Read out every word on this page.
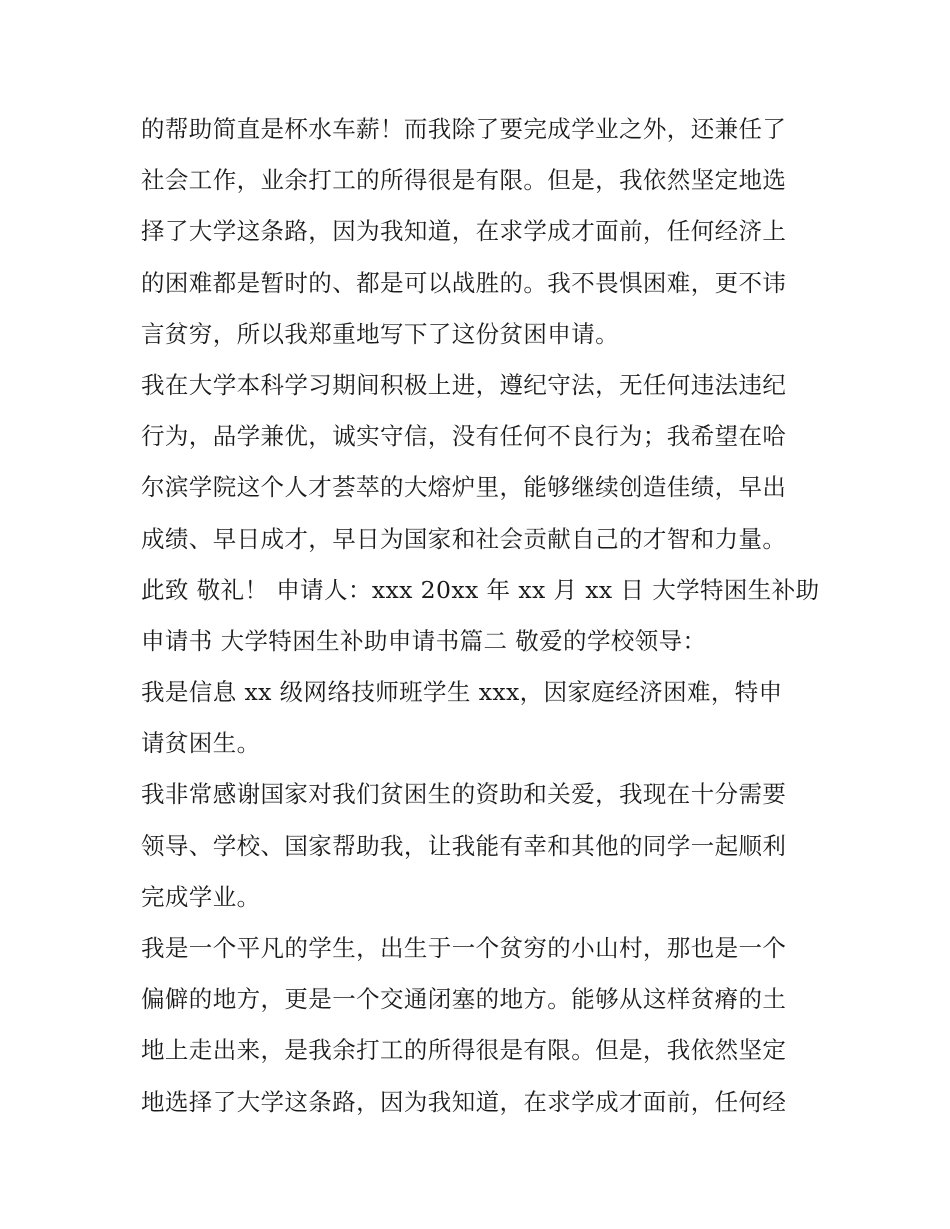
的帮助简直是杯水车薪！而我除了要完成学业之外，还兼任了
社会工作，业余打工的所得很是有限。但是，我依然坚定地选
择了大学这条路，因为我知道，在求学成才面前，任何经济上
的困难都是暂时的、都是可以战胜的。我不畏惧困难，更不讳
言贫穷，所以我郑重地写下了这份贫困申请。
我在大学本科学习期间积极上进，遵纪守法，无任何违法违纪
行为，品学兼优，诚实守信，没有任何不良行为；我希望在哈
尔滨学院这个人才荟萃的大熔炉里，能够继续创造佳绩，早出
成绩、早日成才，早日为国家和社会贡献自己的才智和力量。
此致 敬礼！ 申请人：xxx 20xx 年 xx 月 xx 日 大学特困生补助
申请书 大学特困生补助申请书篇二 敬爱的学校领导：
我是信息 xx 级网络技师班学生 xxx，因家庭经济困难，特申
请贫困生。
我非常感谢国家对我们贫困生的资助和关爱，我现在十分需要
领导、学校、国家帮助我，让我能有幸和其他的同学一起顺利
完成学业。
我是一个平凡的学生，出生于一个贫穷的小山村，那也是一个
偏僻的地方，更是一个交通闭塞的地方。能够从这样贫瘠的土
地上走出来，是我余打工的所得很是有限。但是，我依然坚定
地选择了大学这条路，因为我知道，在求学成才面前，任何经
